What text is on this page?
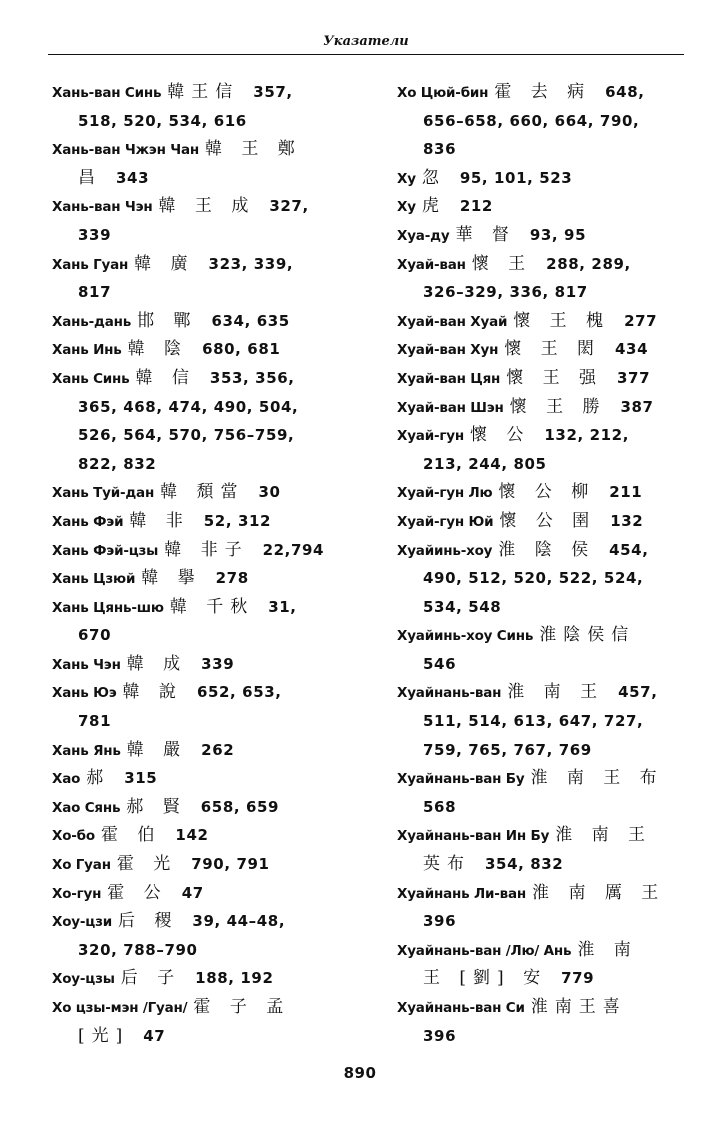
Указатели
Хань-ван Синь 韓王信 357,
518, 520, 534, 616
Хань-ван Чжэн Чан 韓 王 鄭
昌 343
Хань-ван Чэн 韓 王 成 327,
339
Хань Гуан 韓 廣 323, 339,
817
Хань-дань 邯 鄲 634, 635
Хань Инь 韓 陰 680, 681
Хань Синь 韓 信 353, 356,
365, 468, 474, 490, 504,
526, 564, 570, 756–759,
822, 832
Хань Туй-дан 韓 頹當 30
Хань Фэй 韓 非 52, 312
Хань Фэй-цзы 韓 非子 22,794
Хань Цзюй 韓 擧 278
Хань Цянь-шю 韓 千秋 31,
670
Хань Чэн 韓 成 339
Хань Юэ 韓 說 652, 653,
781
Хань Янь 韓 嚴 262
Хао 郝 315
Хао Сянь 郝 賢 658, 659
Хо-бо 霍 伯 142
Хо Гуан 霍 光 790, 791
Хо-гун 霍 公 47
Хоу-цзи 后 稷 39, 44–48,
320, 788–790
Хоу-цзы 后 子 188, 192
Хо цзы-мэн /Гуан/ 霍 子 孟
[光] 47
Хо Цюй-бин 霍 去 病 648,
656–658, 660, 664, 790,
836
Ху 忽 95, 101, 523
Ху 虎 212
Хуа-ду 華 督 93, 95
Хуай-ван 懷 王 288, 289,
326–329, 336, 817
Хуай-ван Хуай 懷 王 槐 277
Хуай-ван Хун 懷 王 閎 434
Хуай-ван Цян 懷 王 强 377
Хуай-ван Шэн 懷 王 勝 387
Хуай-гун 懷 公 132, 212,
213, 244, 805
Хуай-гун Лю 懷 公 柳 211
Хуай-гун Юй 懷 公 圉 132
Хуайинь-хоу 淮 陰 侯 454,
490, 512, 520, 522, 524,
534, 548
Хуайинь-хоу Синь 淮陰侯信
546
Хуайнань-ван 淮 南 王 457,
511, 514, 613, 647, 727,
759, 765, 767, 769
Хуайнань-ван Бу 淮 南 王 布
568
Хуайнань-ван Ин Бу 淮 南 王
英布 354, 832
Хуайнань Ли-ван 淮 南 厲 王
396
Хуайнань-ван /Лю/ Ань 淮 南
王 [劉] 安 779
Хуайнань-ван Си 淮南王喜
396
890
